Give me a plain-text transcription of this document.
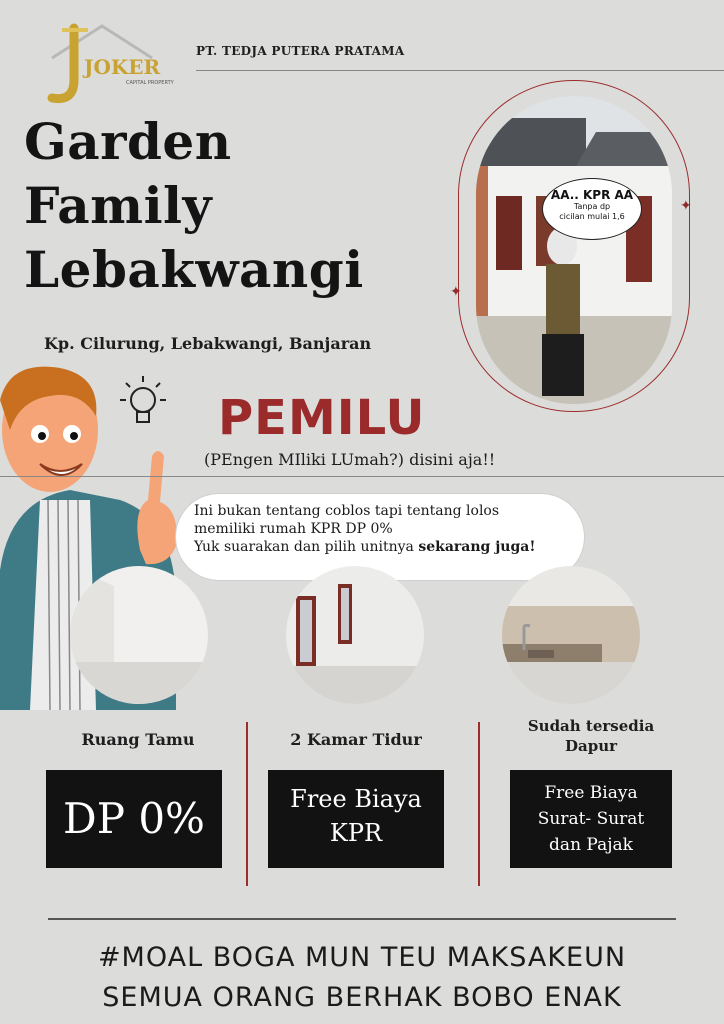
JOKER
CAPITAL PROPERTY
PT. TEDJA PUTERA PRATAMA
Garden
Family
Lebakwangi
Kp. Cilurung, Lebakwangi, Banjaran
✦
✦
AA.. KPR AA
Tanpa dp
cicilan mulai 1,6
PEMILU
(PEngen MIliki LUmah?) disini aja!!

Ini bukan tentang coblos tapi tentang lolos

memiliki rumah KPR DP 0%

Yuk suarakan dan pilih unitnya sekarang juga!

Ruang Tamu	2 Kamar Tidur
Sudah tersedia
Dapur
DP 0%	Free Biaya
KPR
Free Biaya
Surat- Surat
dan Pajak
#MOAL BOGA MUN TEU MAKSAKEUN
SEMUA ORANG BERHAK BOBO ENAK
